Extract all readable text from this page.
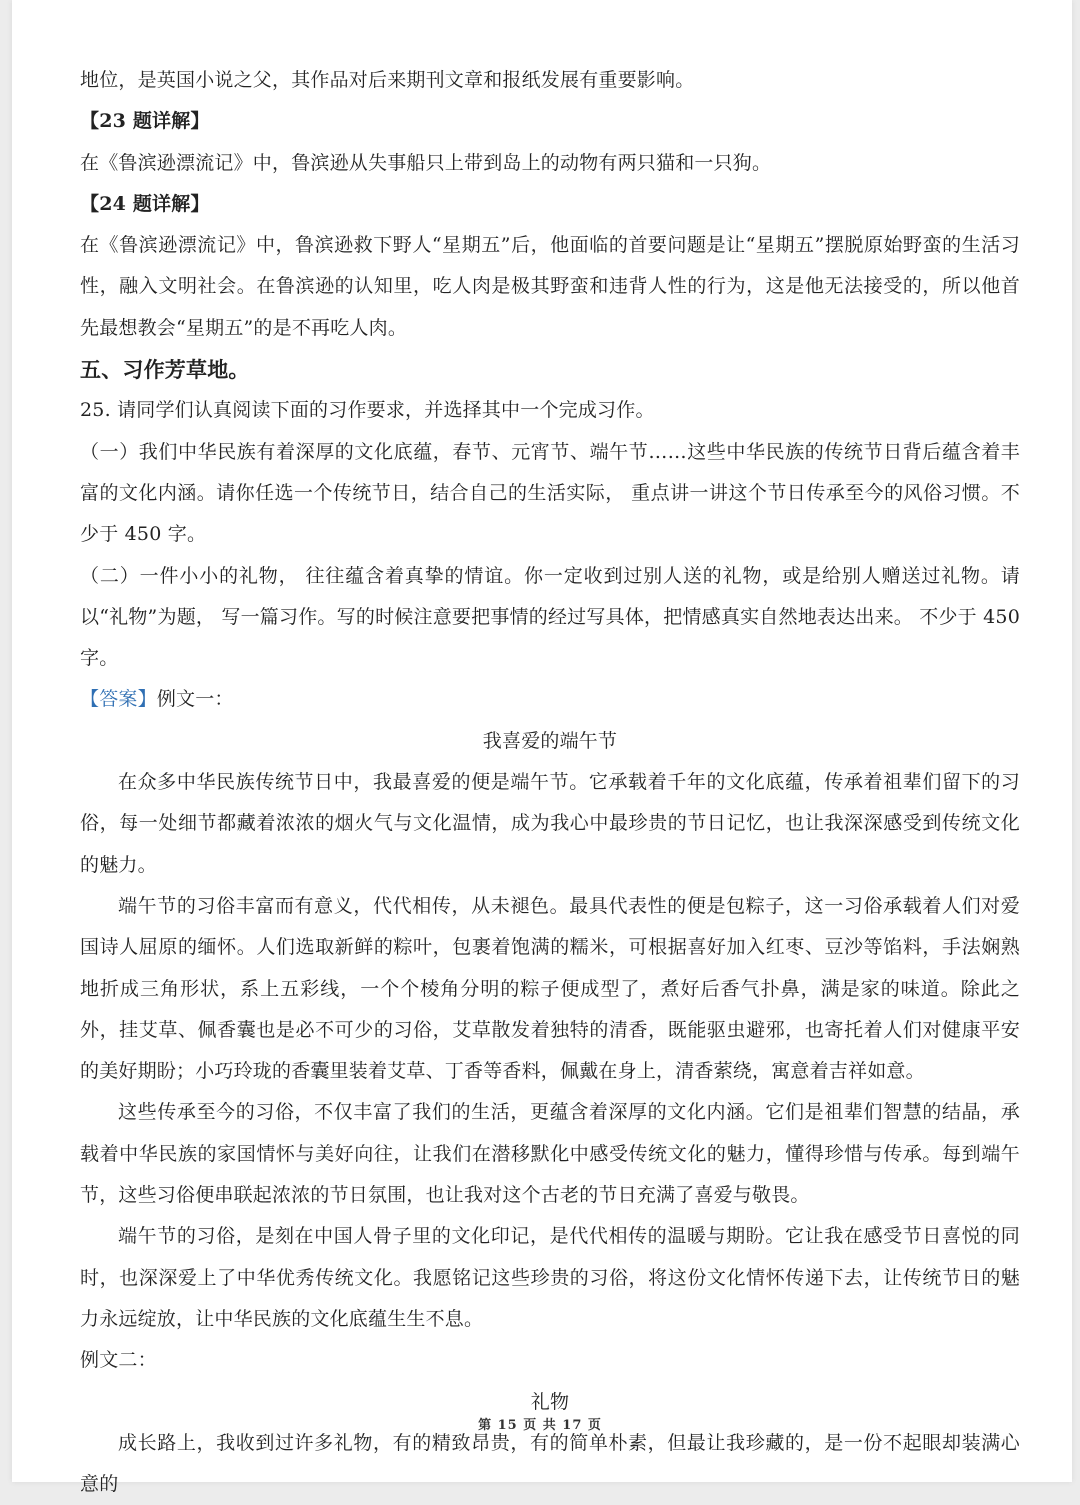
地位，是英国小说之父，其作品对后来期刊文章和报纸发展有重要影响。

【23 题详解】

在《鲁滨逊漂流记》中，鲁滨逊从失事船只上带到岛上的动物有两只猫和一只狗。

【24 题详解】

在《鲁滨逊漂流记》中，鲁滨逊救下野人“星期五”后，他面临的首要问题是让“星期五”摆脱原始野蛮的生活习性，融入文明社会。在鲁滨逊的认知里，吃人肉是极其野蛮和违背人性的行为，这是他无法接受的，所以他首先最想教会“星期五”的是不再吃人肉。

五、习作芳草地。

25. 请同学们认真阅读下面的习作要求，并选择其中一个完成习作。

（一）我们中华民族有着深厚的文化底蕴，春节、元宵节、端午节……这些中华民族的传统节日背后蕴含着丰富的文化内涵。请你任选一个传统节日，结合自己的生活实际， 重点讲一讲这个节日传承至今的风俗习惯。不少于 450 字。

（二）一件小小的礼物， 往往蕴含着真挚的情谊。你一定收到过别人送的礼物，或是给别人赠送过礼物。请以“礼物”为题， 写一篇习作。写的时候注意要把事情的经过写具体，把情感真实自然地表达出来。 不少于 450 字。

【答案】例文一：

我喜爱的端午节

在众多中华民族传统节日中，我最喜爱的便是端午节。它承载着千年的文化底蕴，传承着祖辈们留下的习俗，每一处细节都藏着浓浓的烟火气与文化温情，成为我心中最珍贵的节日记忆，也让我深深感受到传统文化的魅力。

端午节的习俗丰富而有意义，代代相传，从未褪色。最具代表性的便是包粽子，这一习俗承载着人们对爱国诗人屈原的缅怀。人们选取新鲜的粽叶，包裹着饱满的糯米，可根据喜好加入红枣、豆沙等馅料，手法娴熟地折成三角形状，系上五彩线，一个个棱角分明的粽子便成型了，煮好后香气扑鼻，满是家的味道。除此之外，挂艾草、佩香囊也是必不可少的习俗，艾草散发着独特的清香，既能驱虫避邪，也寄托着人们对健康平安的美好期盼；小巧玲珑的香囊里装着艾草、丁香等香料，佩戴在身上，清香萦绕，寓意着吉祥如意。

这些传承至今的习俗，不仅丰富了我们的生活，更蕴含着深厚的文化内涵。它们是祖辈们智慧的结晶，承载着中华民族的家国情怀与美好向往，让我们在潜移默化中感受传统文化的魅力，懂得珍惜与传承。每到端午节，这些习俗便串联起浓浓的节日氛围，也让我对这个古老的节日充满了喜爱与敬畏。

端午节的习俗，是刻在中国人骨子里的文化印记，是代代相传的温暖与期盼。它让我在感受节日喜悦的同时，也深深爱上了中华优秀传统文化。我愿铭记这些珍贵的习俗，将这份文化情怀传递下去，让传统节日的魅力永远绽放，让中华民族的文化底蕴生生不息。

例文二：

礼物

成长路上，我收到过许多礼物，有的精致昂贵，有的简单朴素，但最让我珍藏的，是一份不起眼却装满心意的

第 15 页 共 17 页
